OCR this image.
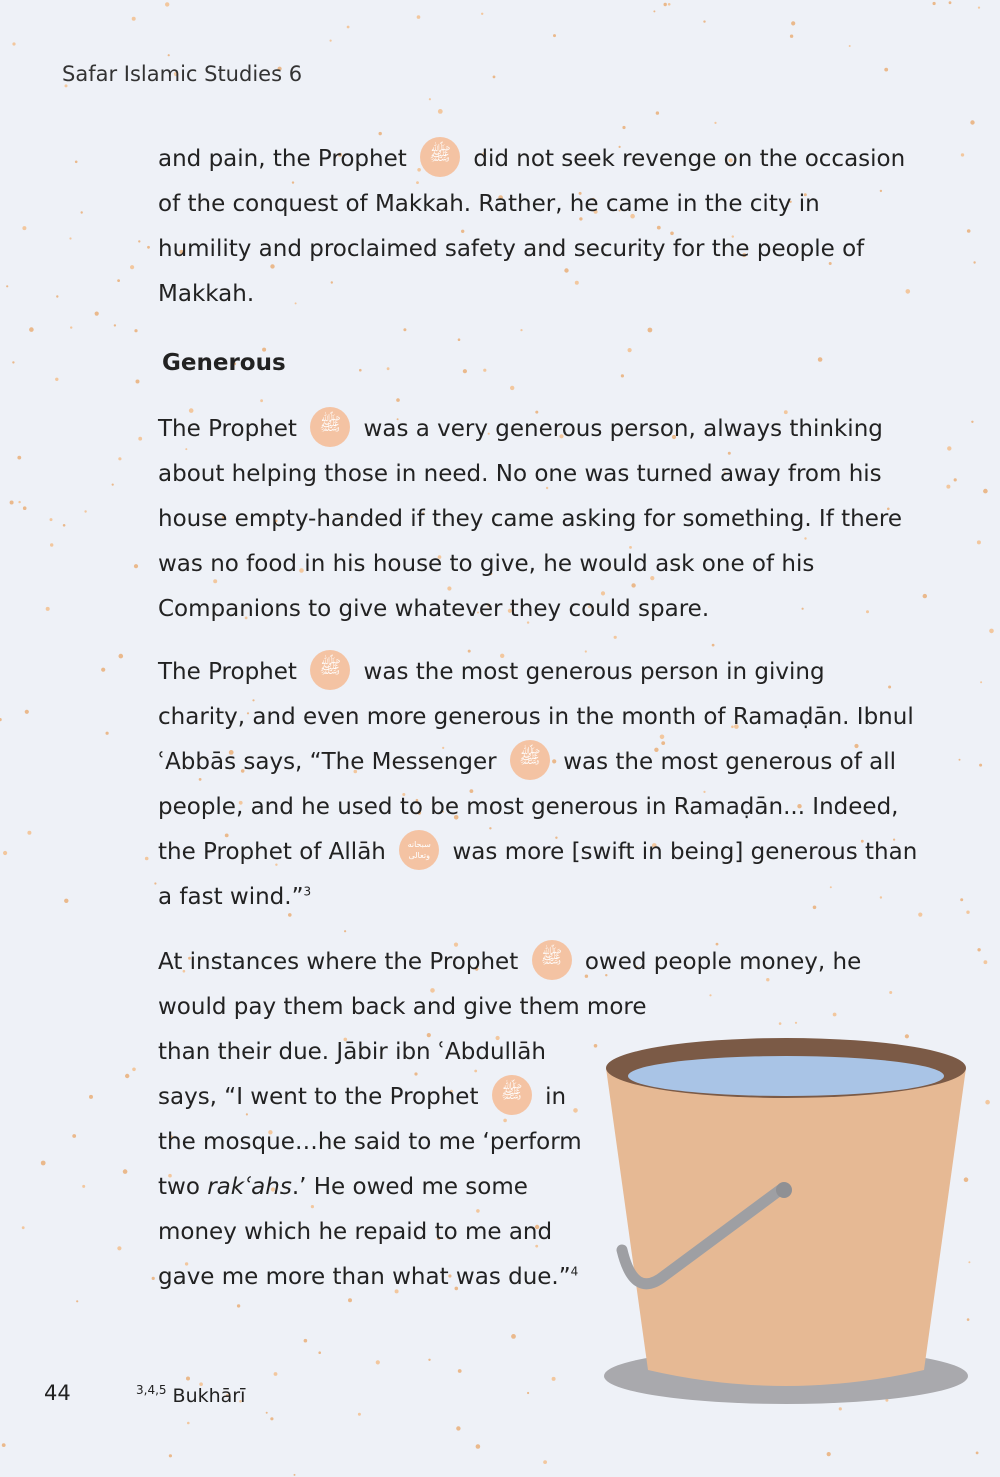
Safar Islamic Studies 6

and pain, the Prophet ﷺ	did not seek revenge on the occasion of the conquest of Makkah. Rather, he came in the city in humility and proclaimed safety and security for the people of Makkah.

Generous

The Prophet ﷺ	was a very generous person, always thinking about helping those in need. No one was turned away from his house empty-handed if they came asking for something. If there was no food in his house to give, he would ask one of his Companions to give whatever they could spare.

The Prophet ﷺ	was the most generous person in giving charity, and even more generous in the month of Ramaḍān. Ibnul ʿAbbās says, “The Messenger ﷺ	was the most generous of all people, and he used to be most generous in Ramaḍān... Indeed, the Prophet of Allāh سبحانه وتعالى	was more [swift in being] generous than a fast wind.”$^3$

At instances where the Prophet ﷺ	owed people money, he
would pay them back and give them more
than their due. Jābir ibn ʿAbdullāh
says, “I went to the Prophet ﷺ	in
the mosque…he said to me ‘perform
two rakʿahs.’ He owed me some
money which he repaid to me and
gave me more than what was due.”$^4$

44	$^{3,4,5}$ Bukhārī
